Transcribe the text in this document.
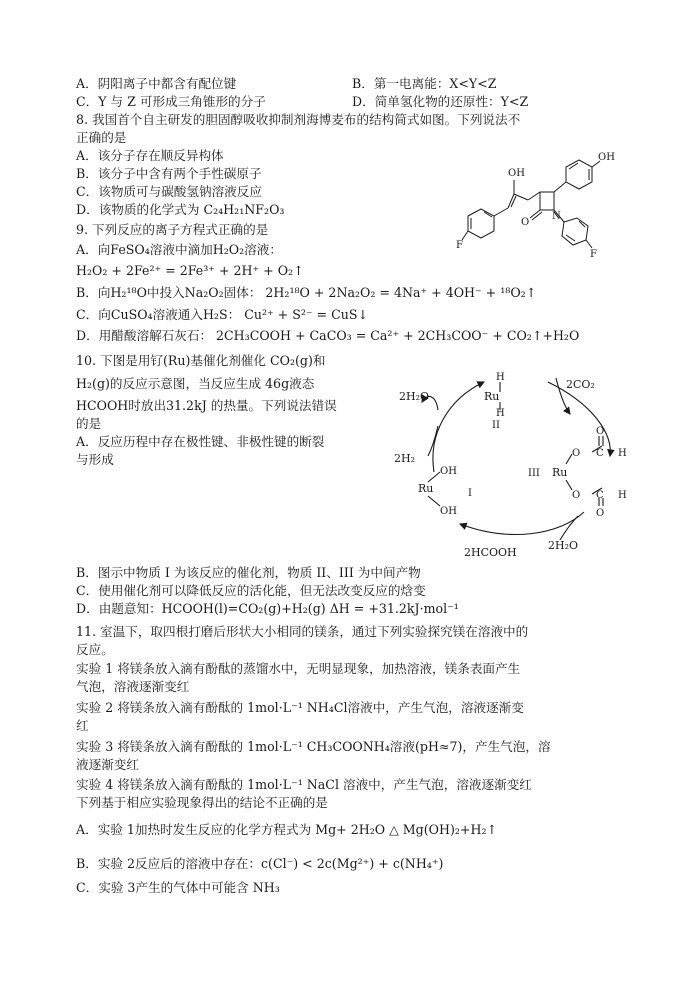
A．阴阳离子中都含有配位键	B．第一电离能：X<Y<Z
C．Y 与 Z 可形成三角锥形的分子	D．简单氢化物的还原性：Y<Z
8. 我国首个自主研发的胆固醇吸收抑制剂海博麦布的结构简式如图。下列说法不
正确的是
A．该分子存在顺反异构体
B．该分子中含有两个手性碳原子
C．该物质可与碳酸氢钠溶液反应
D．该物质的化学式为 C₂₄H₂₁NF₂O₃
OH
OH
F
F
O
N
9. 下列反应的离子方程式正确的是
A．向FeSO₄溶液中滴加H₂O₂溶液：
H₂O₂ + 2Fe²⁺ = 2Fe³⁺ + 2H⁺ + O₂↑
B．向H₂¹⁸O中投入Na₂O₂固体： 2H₂¹⁸O + 2Na₂O₂ = 4Na⁺ + 4OH⁻ + ¹⁸O₂↑
C．向CuSO₄溶液通入H₂S： Cu²⁺ + S²⁻ = CuS↓
D．用醋酸溶解石灰石： 2CH₃COOH + CaCO₃ = Ca²⁺ + 2CH₃COO⁻ + CO₂↑+H₂O
10. 下图是用钌(Ru)基催化剂催化 CO₂(g)和
H₂(g)的反应示意图，当反应生成 46g液态
HCOOH时放出31.2kJ 的热量。下列说法错误
的是
A．反应历程中存在极性键、非极性键的断裂
与形成
2H₂O
2CO₂
2H₂
2H₂O
2HCOOH
H
Ru
H
II
OH
Ru
OH
I
III Ru
O
O
C H
O C H
O
B．图示中物质 I 为该反应的催化剂，物质 II、III 为中间产物
C．使用催化剂可以降低反应的活化能，但无法改变反应的焓变
D．由题意知：HCOOH(l)=CO₂(g)+H₂(g) ΔH = +31.2kJ·mol⁻¹
11. 室温下，取四根打磨后形状大小相同的镁条，通过下列实验探究镁在溶液中的
反应。
实验 1 将镁条放入滴有酚酞的蒸馏水中，无明显现象，加热溶液，镁条表面产生
气泡，溶液逐渐变红
实验 2 将镁条放入滴有酚酞的 1mol·L⁻¹ NH₄Cl溶液中，产生气泡，溶液逐渐变
红
实验 3 将镁条放入滴有酚酞的 1mol·L⁻¹ CH₃COONH₄溶液(pH≈7)，产生气泡，溶
液逐渐变红
实验 4 将镁条放入滴有酚酞的 1mol·L⁻¹ NaCl 溶液中，产生气泡，溶液逐渐变红
下列基于相应实验现象得出的结论不正确的是
A．实验 1加热时发生反应的化学方程式为 Mg+ 2H₂O △ Mg(OH)₂+H₂↑
B．实验 2反应后的溶液中存在：c(Cl⁻) < 2c(Mg²⁺) + c(NH₄⁺)
C．实验 3产生的气体中可能含 NH₃
